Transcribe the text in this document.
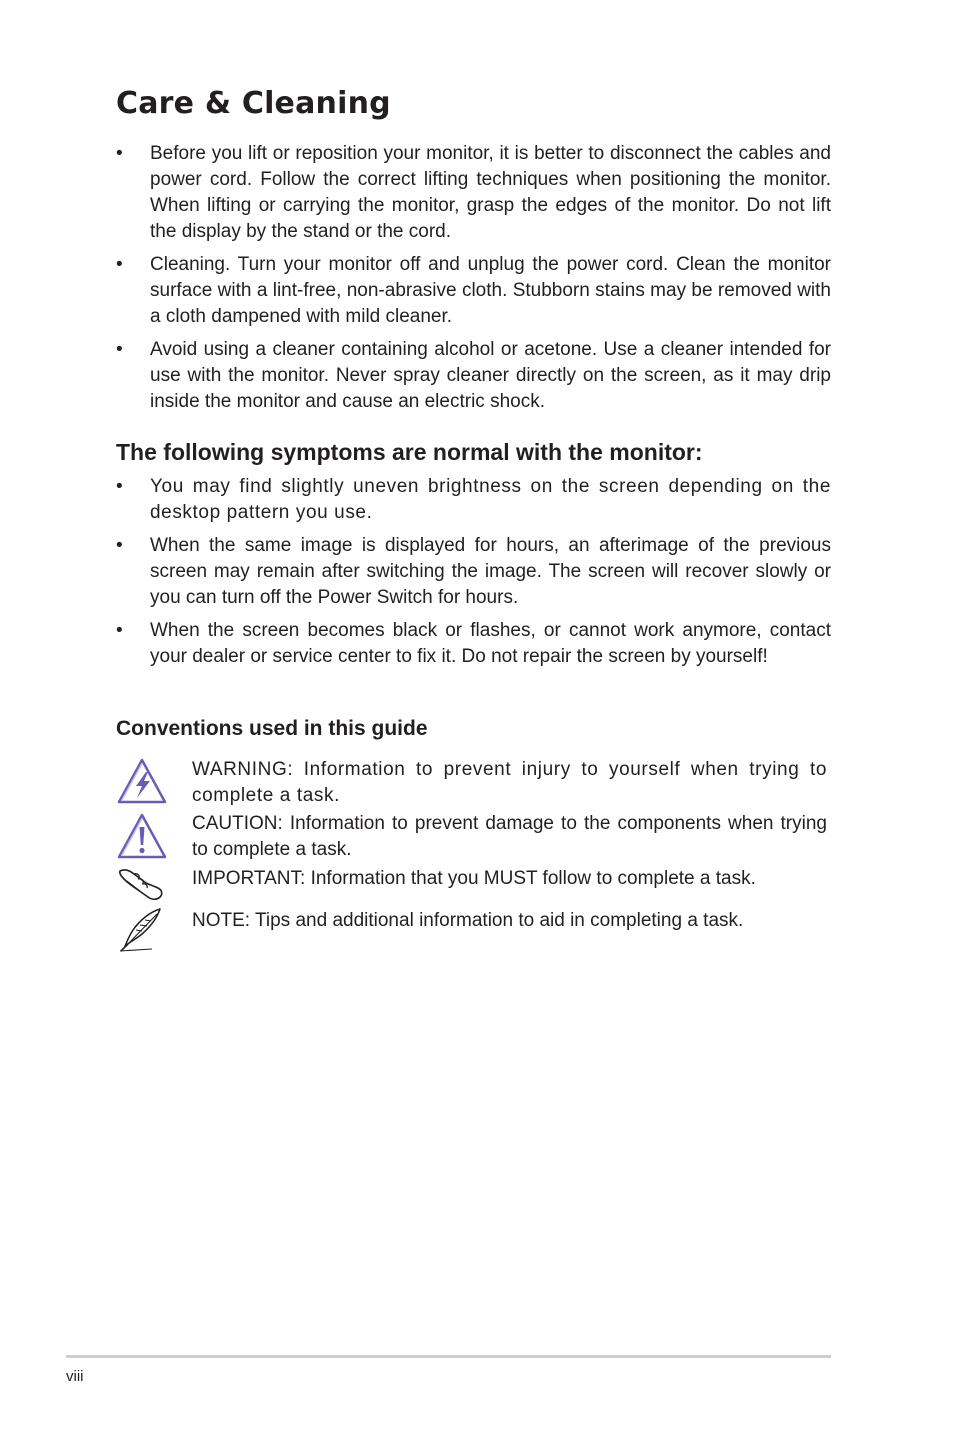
Care & Cleaning
• Before you lift or reposition your monitor, it is better to disconnect the cables and power cord. Follow the correct lifting techniques when positioning the monitor. When lifting or carrying the monitor, grasp the edges of the monitor. Do not lift the display by the stand or the cord.
• Cleaning. Turn your monitor off and unplug the power cord. Clean the monitor surface with a lint-free, non-abrasive cloth. Stubborn stains may be removed with a cloth dampened with mild cleaner.
• Avoid using a cleaner containing alcohol or acetone. Use a cleaner intended for use with the monitor. Never spray cleaner directly on the screen, as it may drip inside the monitor and cause an electric shock.
The following symptoms are normal with the monitor:
• You may find slightly uneven brightness on the screen depending on the desktop pattern you use.
• When the same image is displayed for hours, an afterimage of the previous screen may remain after switching the image. The screen will recover slowly or you can turn off the Power Switch for hours.
• When the screen becomes black or flashes, or cannot work anymore, contact your dealer or service center to fix it. Do not repair the screen by yourself!
Conventions used in this guide
WARNING: Information to prevent injury to yourself when trying to complete a task.
CAUTION: Information to prevent damage to the components when trying to complete a task.
IMPORTANT: Information that you MUST follow to complete a task.
NOTE: Tips and additional information to aid in completing a task.
viii
